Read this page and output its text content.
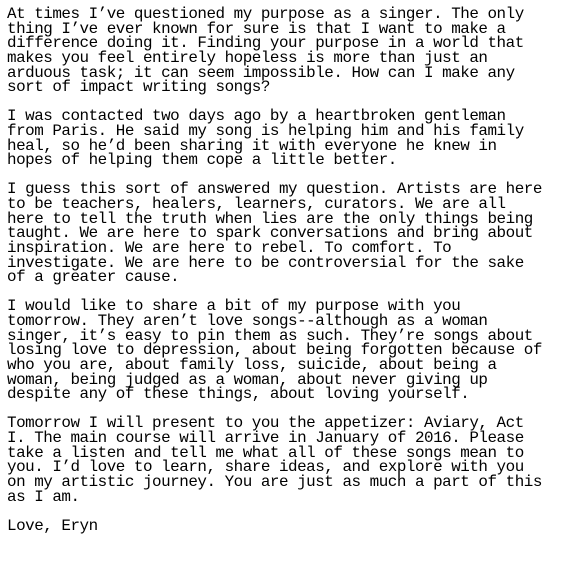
At times I’ve questioned my purpose as a singer. The only
thing I’ve ever known for sure is that I want to make a
difference doing it. Finding your purpose in a world that
makes you feel entirely hopeless is more than just an
arduous task; it can seem impossible. How can I make any
sort of impact writing songs?
I was contacted two days ago by a heartbroken gentleman
from Paris. He said my song is helping him and his family
heal, so he’d been sharing it with everyone he knew in
hopes of helping them cope a little better.
I guess this sort of answered my question. Artists are here
to be teachers, healers, learners, curators. We are all
here to tell the truth when lies are the only things being
taught. We are here to spark conversations and bring about
inspiration. We are here to rebel. To comfort. To
investigate. We are here to be controversial for the sake
of a greater cause.
I would like to share a bit of my purpose with you
tomorrow. They aren’t love songs--although as a woman
singer, it’s easy to pin them as such. They’re songs about
losing love to depression, about being forgotten because of
who you are, about family loss, suicide, about being a
woman, being judged as a woman, about never giving up
despite any of these things, about loving yourself.
Tomorrow I will present to you the appetizer: Aviary, Act
I. The main course will arrive in January of 2016. Please
take a listen and tell me what all of these songs mean to
you. I’d love to learn, share ideas, and explore with you
on my artistic journey. You are just as much a part of this
as I am.
Love, Eryn
